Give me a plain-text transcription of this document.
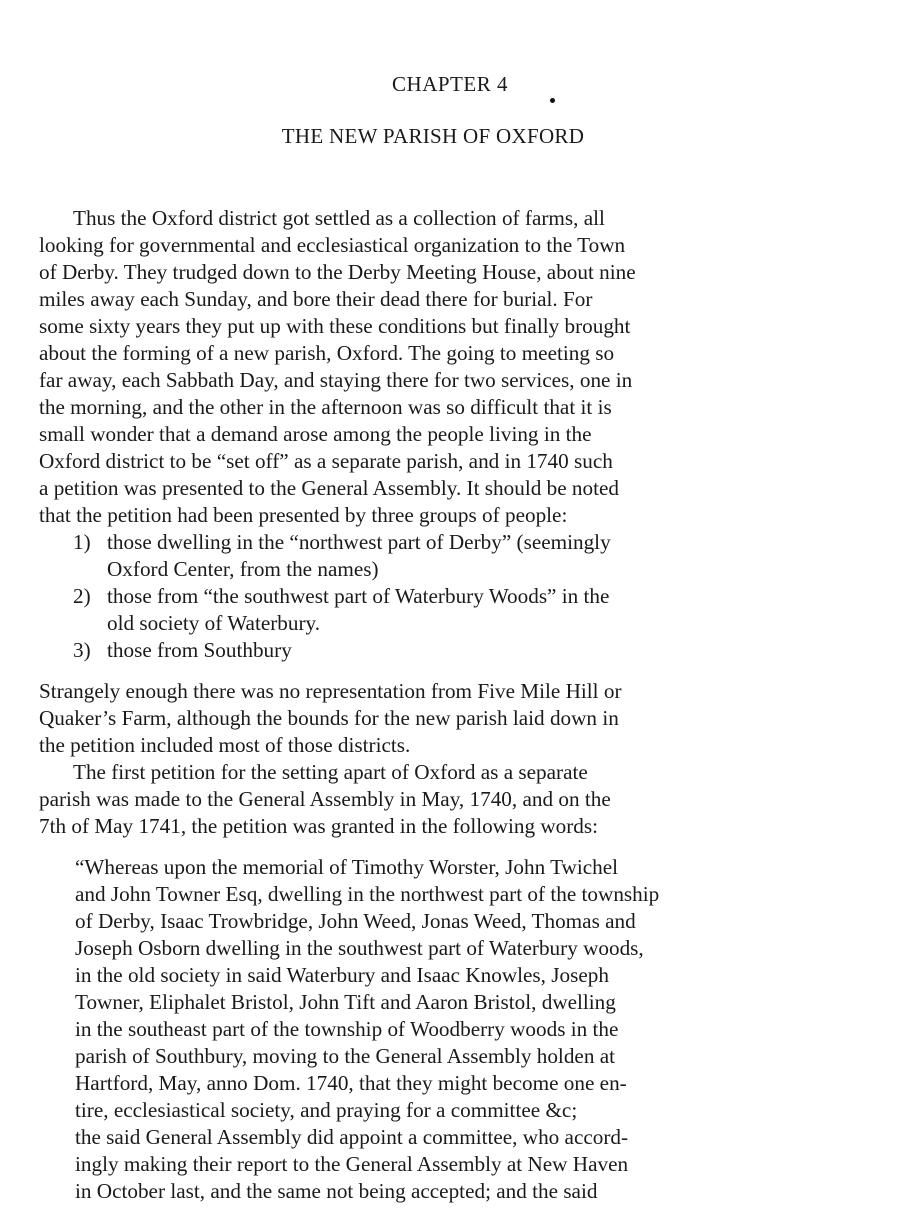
CHAPTER 4
THE NEW PARISH OF OXFORD
Thus the Oxford district got settled as a collection of farms, all
looking for governmental and ecclesiastical organization to the Town
of Derby. They trudged down to the Derby Meeting House, about nine
miles away each Sunday, and bore their dead there for burial. For
some sixty years they put up with these conditions but finally brought
about the forming of a new parish, Oxford. The going to meeting so
far away, each Sabbath Day, and staying there for two services, one in
the morning, and the other in the afternoon was so difficult that it is
small wonder that a demand arose among the people living in the
Oxford district to be “set off” as a separate parish, and in 1740 such
a petition was presented to the General Assembly. It should be noted
that the petition had been presented by three groups of people:
1) those dwelling in the “northwest part of Derby” (seemingly
Oxford Center, from the names)
2) those from “the southwest part of Waterbury Woods” in the
old society of Waterbury.
3) those from Southbury
Strangely enough there was no representation from Five Mile Hill or
Quaker’s Farm, although the bounds for the new parish laid down in
the petition included most of those districts.
The first petition for the setting apart of Oxford as a separate
parish was made to the General Assembly in May, 1740, and on the
7th of May 1741, the petition was granted in the following words:
“Whereas upon the memorial of Timothy Worster, John Twichel
and John Towner Esq, dwelling in the northwest part of the township
of Derby, Isaac Trowbridge, John Weed, Jonas Weed, Thomas and
Joseph Osborn dwelling in the southwest part of Waterbury woods,
in the old society in said Waterbury and Isaac Knowles, Joseph
Towner, Eliphalet Bristol, John Tift and Aaron Bristol, dwelling
in the southeast part of the township of Woodberry woods in the
parish of Southbury, moving to the General Assembly holden at
Hartford, May, anno Dom. 1740, that they might become one en-
tire, ecclesiastical society, and praying for a committee &c;
the said General Assembly did appoint a committee, who accord-
ingly making their report to the General Assembly at New Haven
in October last, and the same not being accepted; and the said
